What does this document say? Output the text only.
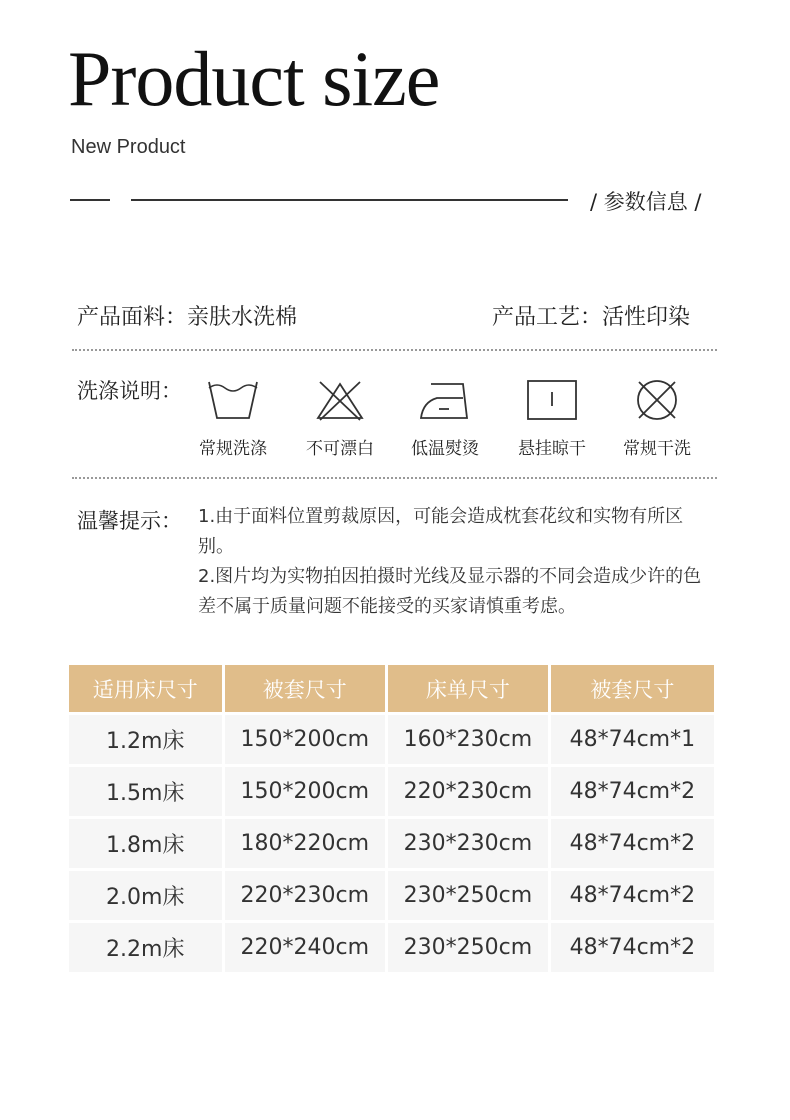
Product size
New Product
/ 参数信息 /
产品面料：亲肤水洗棉	产品工艺：活性印染
洗涤说明：
常规洗涤	不可漂白	低温熨烫	悬挂晾干	常规干洗
温馨提示： 1.由于面料位置剪裁原因，可能会造成枕套花纹和实物有所区别。
2.图片均为实物拍因拍摄时光线及显示器的不同会造成少许的色差不属于质量问题不能接受的买家请慎重考虑。
适用床尺寸	被套尺寸	床单尺寸	被套尺寸
1.2m床	150*200cm	160*230cm	48*74cm*1
1.5m床	150*200cm	220*230cm	48*74cm*2
1.8m床	180*220cm	230*230cm	48*74cm*2
2.0m床	220*230cm	230*250cm	48*74cm*2
2.2m床	220*240cm	230*250cm	48*74cm*2
